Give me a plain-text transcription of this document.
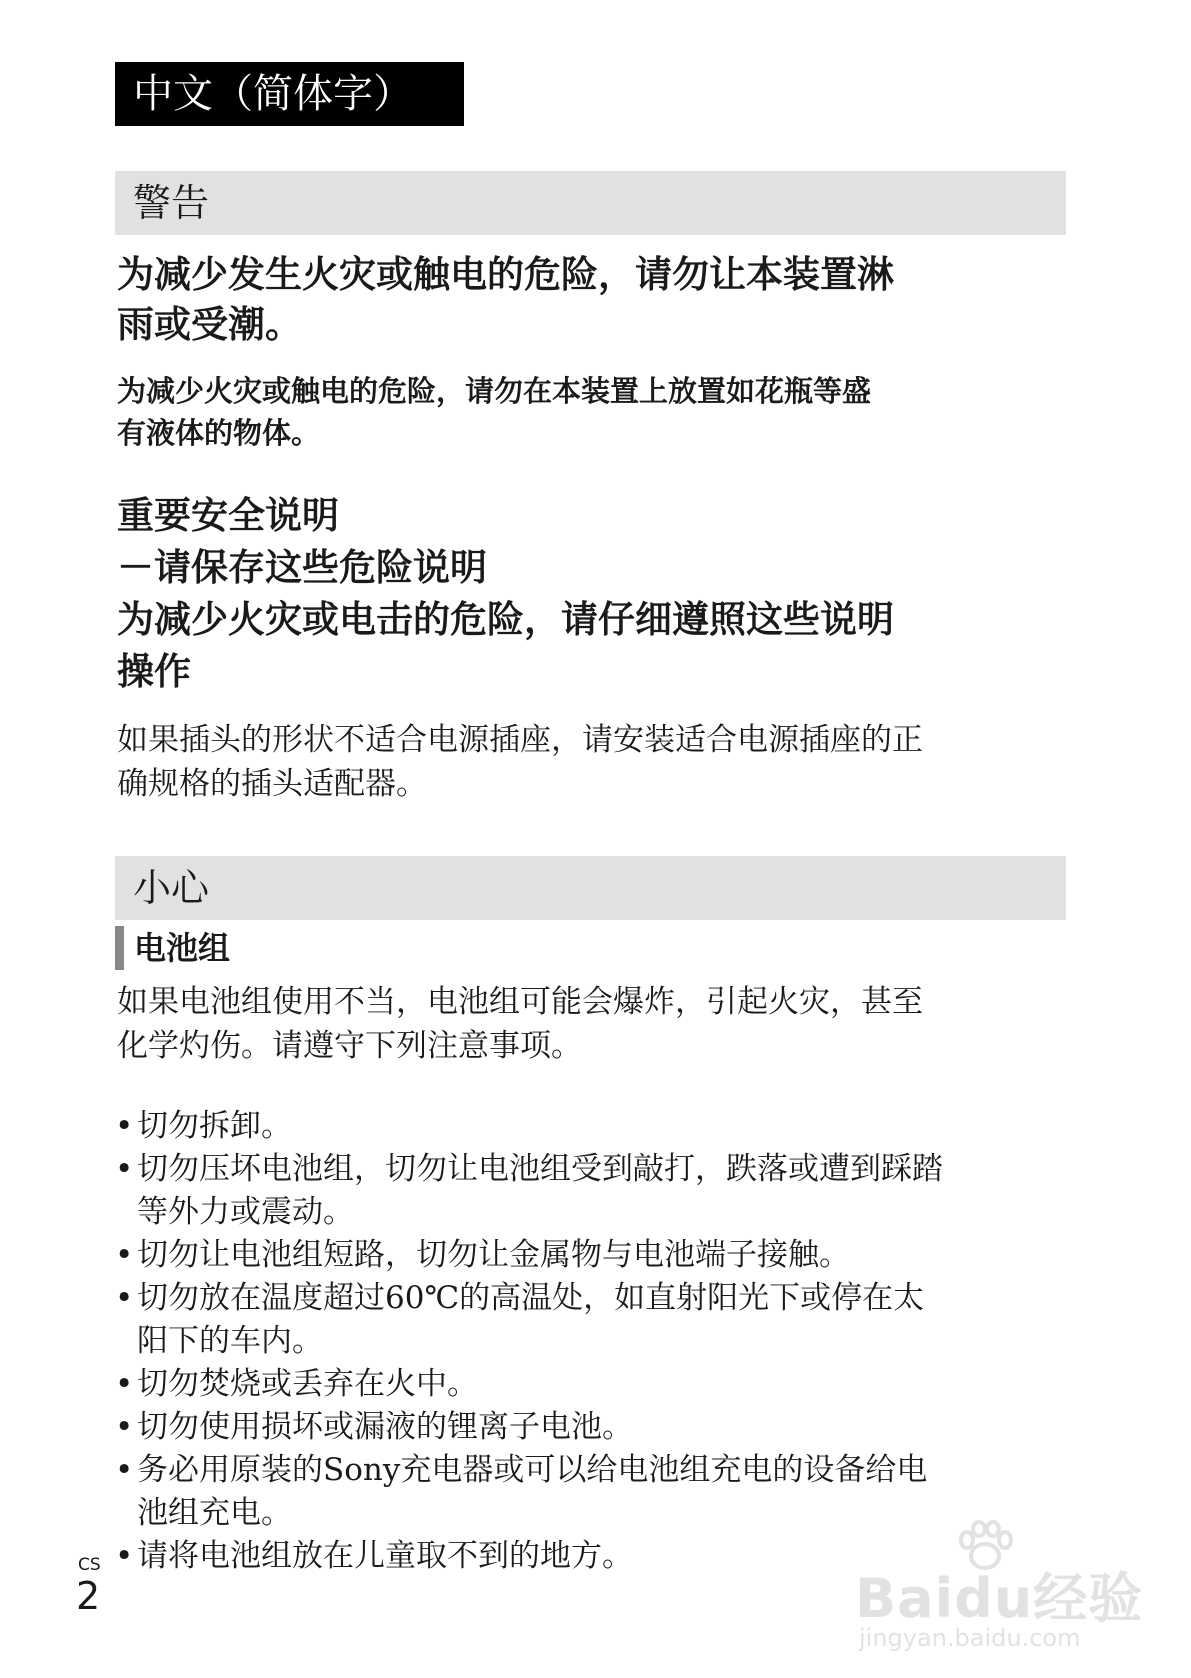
中文（简体字）
警告
为减少发生火灾或触电的危险，请勿让本装置淋
雨或受潮。
为减少火灾或触电的危险，请勿在本装置上放置如花瓶等盛
有液体的物体。
重要安全说明
－请保存这些危险说明
为减少火灾或电击的危险，请仔细遵照这些说明
操作
如果插头的形状不适合电源插座，请安装适合电源插座的正
确规格的插头适配器。
小心
电池组
如果电池组使用不当，电池组可能会爆炸，引起火灾，甚至
化学灼伤。请遵守下列注意事项。
• 切勿拆卸。
• 切勿压坏电池组，切勿让电池组受到敲打，跌落或遭到踩踏
等外力或震动。
• 切勿让电池组短路，切勿让金属物与电池端子接触。
• 切勿放在温度超过60℃的高温处，如直射阳光下或停在太
阳下的车内。
• 切勿焚烧或丢弃在火中。
• 切勿使用损坏或漏液的锂离子电池。
• 务必用原装的Sony充电器或可以给电池组充电的设备给电
池组充电。
• 请将电池组放在儿童取不到的地方。
CS
2	Baidu经验
jingyan.baidu.com
